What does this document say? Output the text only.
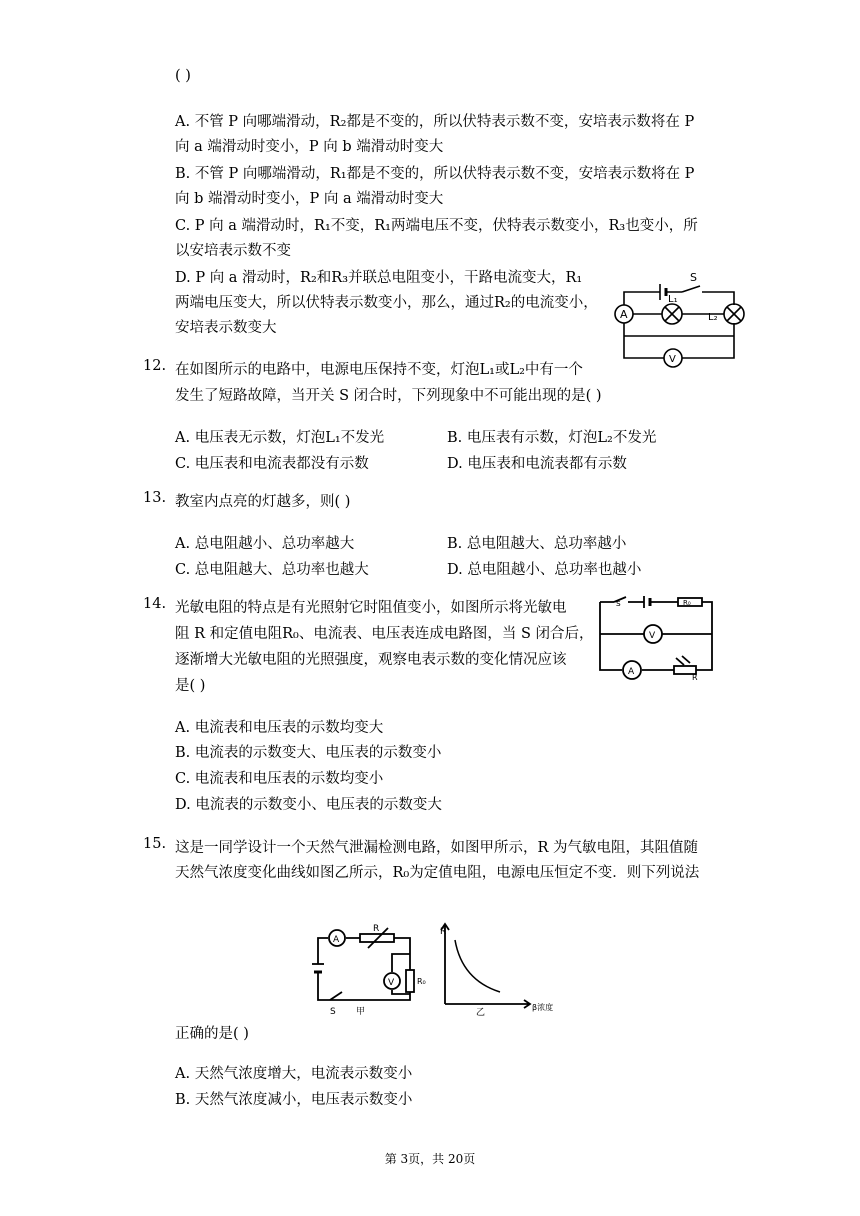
( )
A. 不管 P 向哪端滑动，R₂都是不变的，所以伏特表示数不变，安培表示数将在 P
向 a 端滑动时变小，P 向 b 端滑动时变大
B. 不管 P 向哪端滑动，R₁都是不变的，所以伏特表示数不变，安培表示数将在 P
向 b 端滑动时变小，P 向 a 端滑动时变大
C. P 向 a 端滑动时，R₁不变，R₁两端电压不变，伏特表示数变小，R₃也变小，所
以安培表示数不变
D. P 向 a 滑动时，R₂和R₃并联总电阻变小，干路电流变大，R₁
两端电压变大，所以伏特表示数变小，那么，通过R₂的电流变小，
安培表示数变大
S
A
L₁
L₂
V
12. 在如图所示的电路中，电源电压保持不变，灯泡L₁或L₂中有一个
发生了短路故障，当开关 S 闭合时，下列现象中不可能出现的是( )
A. 电压表无示数，灯泡L₁不发光	B. 电压表有示数，灯泡L₂不发光
C. 电压表和电流表都没有示数	D. 电压表和电流表都有示数
13. 教室内点亮的灯越多，则( )
A. 总电阻越小、总功率越大	B. 总电阻越大、总功率越小
C. 总电阻越大、总功率也越大	D. 总电阻越小、总功率也越小
s	R₀
V
A
R
14. 光敏电阻的特点是有光照射它时阻值变小，如图所示将光敏电
阻 R 和定值电阻R₀、电流表、电压表连成电路图，当 S 闭合后，
逐渐增大光敏电阻的光照强度，观察电表示数的变化情况应该
是( )
A. 电流表和电压表的示数均变大
B. 电流表的示数变大、电压表的示数变小
C. 电流表和电压表的示数均变小
D. 电流表的示数变小、电压表的示数变大
15. 这是一同学设计一个天然气泄漏检测电路，如图甲所示，R 为气敏电阻，其阻值随
天然气浓度变化曲线如图乙所示，R₀为定值电阻，电源电压恒定不变．则下列说法
A
R
V	R₀
S 甲
R
乙
β浓度
正确的是( )
A. 天然气浓度增大，电流表示数变小
B. 天然气浓度减小，电压表示数变小
第 3页，共 20页
